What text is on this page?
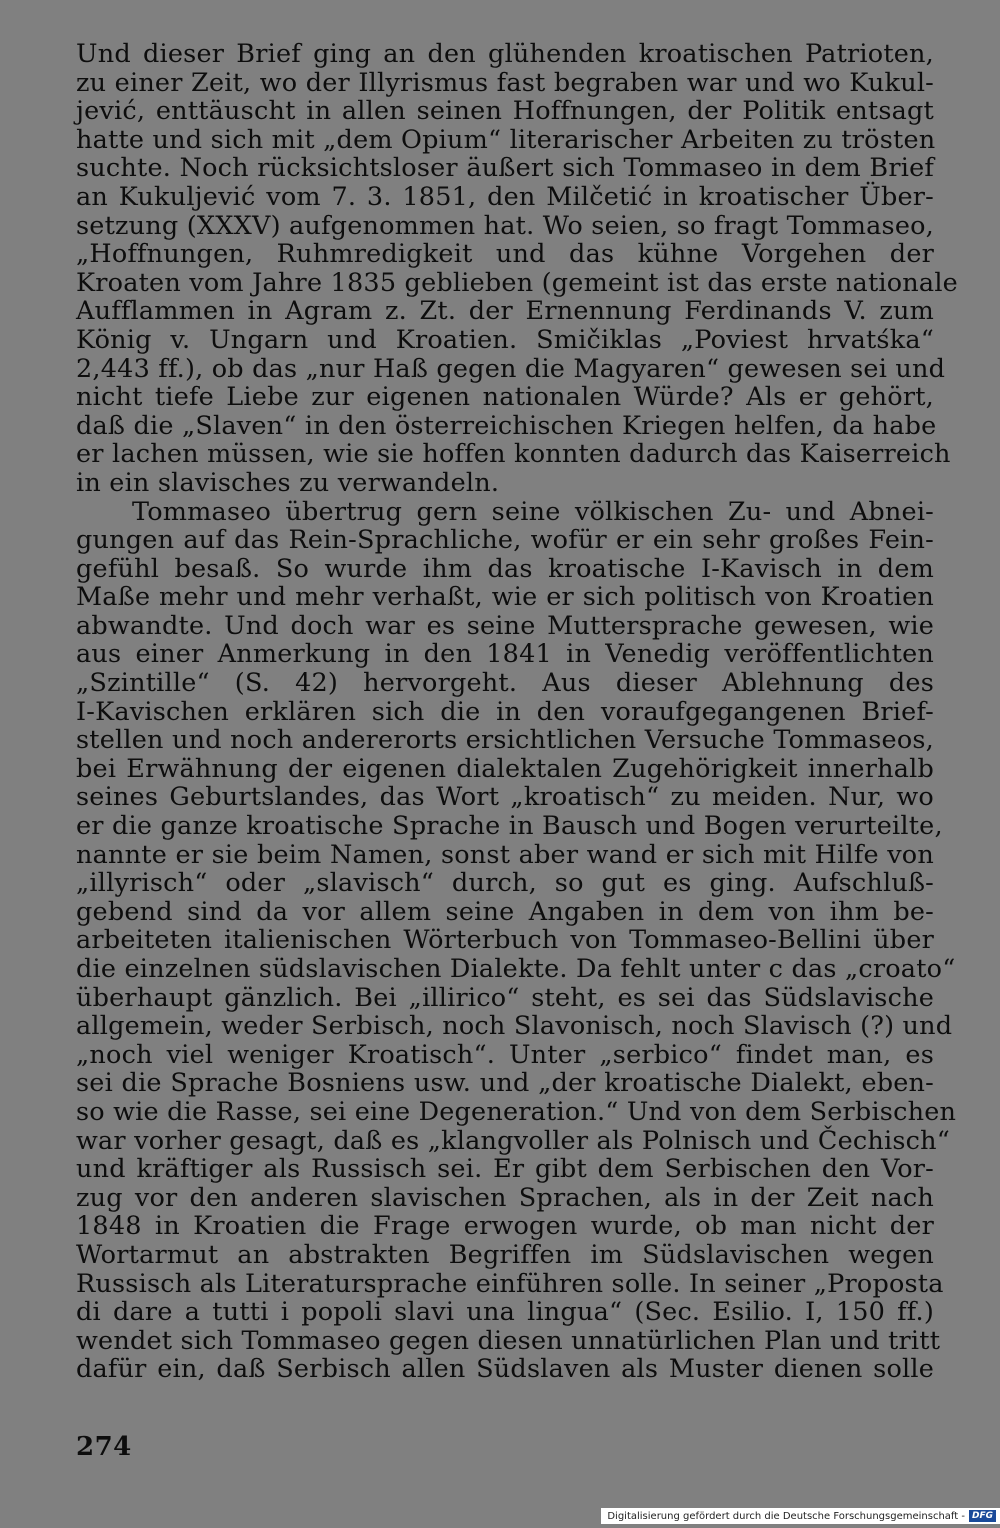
Und dieser Brief ging an den glühenden kroatischen Patrioten,
zu einer Zeit, wo der Illyrismus fast begraben war und wo Kukul-
jević, enttäuscht in allen seinen Hoffnungen, der Politik entsagt
hatte und sich mit „dem Opium“ literarischer Arbeiten zu trösten
suchte. Noch rücksichtsloser äußert sich Tommaseo in dem Brief
an Kukuljević vom 7. 3. 1851, den Milčetić in kroatischer Über-
setzung (XXXV) aufgenommen hat. Wo seien, so fragt Tommaseo,
„Hoffnungen, Ruhmredigkeit und das kühne Vorgehen der
Kroaten vom Jahre 1835 geblieben (gemeint ist das erste nationale
Aufflammen in Agram z. Zt. der Ernennung Ferdinands V. zum
König v. Ungarn und Kroatien. Smičiklas „Poviest hrvatśka“
2,443 ff.), ob das „nur Haß gegen die Magyaren“ gewesen sei und
nicht tiefe Liebe zur eigenen nationalen Würde? Als er gehört,
daß die „Slaven“ in den österreichischen Kriegen helfen, da habe
er lachen müssen, wie sie hoffen konnten dadurch das Kaiserreich
in ein slavisches zu verwandeln.

Tommaseo übertrug gern seine völkischen Zu- und Abnei-
gungen auf das Rein-Sprachliche, wofür er ein sehr großes Fein-
gefühl besaß. So wurde ihm das kroatische I-Kavisch in dem
Maße mehr und mehr verhaßt, wie er sich politisch von Kroatien
abwandte. Und doch war es seine Muttersprache gewesen, wie
aus einer Anmerkung in den 1841 in Venedig veröffentlichten
„Szintille“ (S. 42) hervorgeht. Aus dieser Ablehnung des
I-Kavischen erklären sich die in den voraufgegangenen Brief-
stellen und noch andererorts ersichtlichen Versuche Tommaseos,
bei Erwähnung der eigenen dialektalen Zugehörigkeit innerhalb
seines Geburtslandes, das Wort „kroatisch“ zu meiden. Nur, wo
er die ganze kroatische Sprache in Bausch und Bogen verurteilte,
nannte er sie beim Namen, sonst aber wand er sich mit Hilfe von
„illyrisch“ oder „slavisch“ durch, so gut es ging. Aufschluß-
gebend sind da vor allem seine Angaben in dem von ihm be-
arbeiteten italienischen Wörterbuch von Tommaseo-Bellini über
die einzelnen südslavischen Dialekte. Da fehlt unter c das „croato“
überhaupt gänzlich. Bei „illirico“ steht, es sei das Südslavische
allgemein, weder Serbisch, noch Slavonisch, noch Slavisch (?) und
„noch viel weniger Kroatisch“. Unter „serbico“ findet man, es
sei die Sprache Bosniens usw. und „der kroatische Dialekt, eben-
so wie die Rasse, sei eine Degeneration.“ Und von dem Serbischen
war vorher gesagt, daß es „klangvoller als Polnisch und Čechisch“
und kräftiger als Russisch sei. Er gibt dem Serbischen den Vor-
zug vor den anderen slavischen Sprachen, als in der Zeit nach
1848 in Kroatien die Frage erwogen wurde, ob man nicht der
Wortarmut an abstrakten Begriffen im Südslavischen wegen
Russisch als Literatursprache einführen solle. In seiner „Proposta
di dare a tutti i popoli slavi una lingua“ (Sec. Esilio. I, 150 ff.)
wendet sich Tommaseo gegen diesen unnatürlichen Plan und tritt
dafür ein, daß Serbisch allen Südslaven als Muster dienen solle

274
Digitalisierung gefördert durch die Deutsche Forschungsgemeinschaft - DFG
